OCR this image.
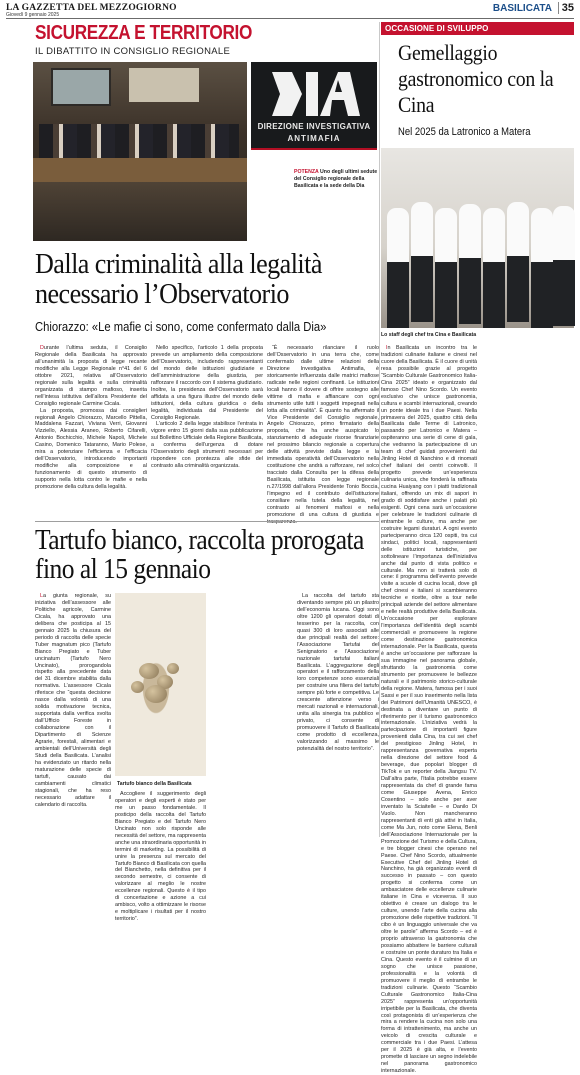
LA GAZZETTA DEL MEZZOGIORNO
Giovedì 9 gennaio 2025
BASILICATA 35
SICUREZZA E TERRITORIO
IL DIBATTITO IN CONSIGLIO REGIONALE
DIREZIONE INVESTIGATIVA
ANTIMAFIA
POTENZA Uno degli ultimi sedute del Consiglio regionale della Basilicata e la sede della Dia
Dalla criminalità alla legalità necessario l’Observatorio
Chiorazzo: «Le mafie ci sono, come confermato dalla Dia»

Durante l’ultima seduta, il Consiglio Regionale della Basilicata ha approvato all’unanimità la proposta di legge recante modifiche alla Legge Regionale n°41 del 6 ottobre 2021, relativa all’Osservatorio regionale sulla legalità e sulla criminalità organizzata di stampo mafioso, inserita nell’intesa istitutiva dell’allora Presidente del Consiglio regionale Carmine Cicala.

La proposta, promossa dai consiglieri regionali Angelo Chiorazzo, Marcello Pittella, Maddalena Fazzari, Viviana Verri, Giovanni Vizziello, Alessia Araneo, Roberto Cifarelli, Antonio Bochicchio, Michele Napoli, Michele Casino, Domenico Tataranno, Mario Polese, mira a potenziare l’efficienza e l’efficacia dell’Osservatorio, introducendo importanti modifiche alla composizione e al funzionamento di questo strumento di supporto nella lotta contro le mafie e nella promozione della cultura della legalità.

Nello specifico, l’articolo 1 della proposta prevede un ampliamento della composizione dell’Osservatorio, includendo rappresentanti del mondo delle istituzioni giudiziarie e dell’amministrazione della giustizia, per rafforzare il raccordo con il sistema giudiziario. Inoltre, la presidenza dell’Osservatorio sarà affidata a una figura illustre del mondo delle istituzioni, della cultura giuridica o della legalità, individuata dal Presidente del Consiglio Regionale.

L’articolo 2 della legge stabilisce l’entrata in vigore entro 15 giorni dalla sua pubblicazione sul Bollettino Ufficiale della Regione Basilicata, a conferma dell’urgenza di dotare l’Osservatorio degli strumenti necessari per rispondere con prontezza alle sfide del contrasto alla criminalità organizzata.

“È necessario rilanciare il ruolo dell’Osservatorio in una terra che, come confermato dalle ultime relazioni della Direzione Investigativa Antimafia, è storicamente influenzata dalle matrici mafiose radicate nelle regioni confinanti. Le istituzioni locali hanno il dovere di offrire sostegno alle vittime di mafia e affiancare con ogni strumento utile tutti i soggetti impegnati nella lotta alla criminalità”. È quanto ha affermato il Vice Presidente del Consiglio regionale, Angelo Chiorazzo, primo firmatario della proposta, che ha anche auspicato lo stanziamento di adeguate risorse finanziarie nel prossimo bilancio regionale a copertura delle attività previste dalla legge e la immediata operatività dell’Osservatorio nella costituzione che andrà a rafforzare, nel solco tracciato dalla Consulta per la difesa della Basilicata, istituita con legge regionale n.27/1998 dall’allora Presidente Tonio Boccia, l’impegno ed il contributo dell’istituzione consiliare nella tutela della legalità, nel contrasto ai fenomeni mafiosi e nella promozione di una cultura di giustizia e

OCCASIONE DI SVILUPPO
Gemellaggio gastronomico con la Cina
Nel 2025 da Latronico a Matera
Lo staff degli chef tra Cina e Basilicata

In Basilicata un incontro tra le tradizioni culinarie italiane e cinesi nel cuore della Basilicata. È il cuore di unità resa possibile grazie al progetto “Scambio Culturale Gastronomico Italia-Cina 2025” ideato e organizzato dal famoso Chef Nino Scordo. Un evento esclusivo che unisce gastronomia, cultura e scambi internazionali, creando un ponte ideale tra i due Paesi. Nella primavera del 2025, quattro città della Basilicata dalle Terme di Latronico, passando per Latronico e Matera – ospiteranno una serie di cene di gala, che vedranno la partecipazione di un team di chef guidati provenienti dal Jinling Hotel di Nanchino e di rinomati chef italiani dei centri coinvolti. Il progetto prevede un’esperienza culinaria unica, che fonderà la raffinata cucina Huaiyang con i piatti tradizionali italiani, offrendo un mix di sapori in grado di soddisfare anche i palati più esigenti. Ogni cena sarà un’occasione per celebrare le tradizioni culinarie di entrambe le culture, ma anche per costruire legami duraturi. A ogni evento parteciperanno circa 120 ospiti, tra cui sindaci, politici locali, rappresentanti delle istituzioni turistiche, per sottolineare l’importanza dell’iniziativa anche dal punto di vista politico e culturale. Ma non si tratterà solo di cene: il programma dell’evento prevede visite a scuole di cucina locali, dove gli chef cinesi e italiani si scambieranno tecniche e ricette, oltre a tour nelle principali aziende del settore alimentare e nelle realtà produttive della Basilicata. Un’occasione per esplorare l’importanza dell’identità degli scambi commerciali e promuovere la regione come destinazione gastronomica internazionale. Per la Basilicata, questa è anche un’occasione per rafforzare la sua immagine nel panorama globale, sfruttando la gastronomia come strumento per promuovere le bellezze naturali e il patrimonio storico-culturale della regione. Matera, famosa per i suoi Sassi e per il suo inserimento nella lista dei Patrimoni dell’Umanità UNESCO, è destinata a diventare un punto di riferimento per il turismo gastronomico internazionale. L’iniziativa vedrà la partecipazione di importanti figure provenienti dalla Cina, tra cui sei chef del prestigioso Jinling Hotel, in rappresentanza governativa esperta nella direzione del settore food & beverage, due popolari blogger di TikTok e un reporter della Jiangsu TV. Dall’altra parte, l’Italia potrebbe essere rappresentata da chef di grande fama come Giuseppe Avena, Enrico Cosentino – solo anche per aver inventato la Sciaitelle – e Danilo Di Vuolo. Non mancheranno rappresentanti di enti già attivi in Italia, come Ma Jun, noto come Elena, Benli dell’Associazione Internazionale per la Promozione del Turismo e della Cultura, e tre blogger cinesi che operano nel Paese. Chef Nino Scordo, attualmente Executive Chef del Jinling Hotel di Nanchino, ha già organizzato eventi di successo in passato – con questo progetto si conferma come un ambasciatore delle eccellenze culinarie italiane in Cina e viceversa. Il suo obiettivo è creare un dialogo tra le culture, unendo l’arte della cucina alla promozione delle rispettive tradizioni. “Il cibo è un linguaggio universale che va oltre le parole” afferma Scordo – ed è proprio attraverso la gastronomia che possiamo abbattere le barriere culturali e costruire un ponte duraturo tra Italia e Cina. Questo evento è il culmine di un sogno che unisce passione, professionalità e la volontà di promuovere il meglio di entrambe le tradizioni culinarie. Questo “Scambio Culturale Gastronomico Italia-Cina 2025” rappresenta un’opportunità irripetibile per la Basilicata, che diventa così protagonista di un’esperienza che mira a rendere la cucina non solo una forma di intrattenimento, ma anche un veicolo di crescita culturale e commerciale tra i due Paesi. L’attesa per il 2025 è già alta, e l’evento promette di lasciare un segno indelebile nel panorama gastronomico internazionale.

Tartufo bianco, raccolta prorogata fino al 15 gennaio

La giunta regionale, su iniziativa dell’assessore alle Politiche agricole, Carmine Cicala, ha approvato una delibera che posticipa al 15 gennaio 2025 la chiusura del periodo di raccolta delle specie Tuber magnatum pico (Tartufo Bianco Pregiato e Tuber uncinatum (Tartufo Nero Uncinato), prorogandola rispetto alla precedente data del 31 dicembre stabilita dalla normativa. L’assessore Cicala riferisce che “questa decisione nasce dalla volontà di una solida motivazione tecnica, supportata dalla verifica svolta dall’Ufficio Foreste in collaborazione con il Dipartimento di Scienze Agrarie, forestali, alimentari e ambientali dell’Università degli Studi della Basilicata. L’analisi ha evidenziato un ritardo nella maturazione delle specie di tartufi, causato dai cambiamenti climatici stagionali, che ha reso necessario adattare il calendario di raccolta.

Tartufo bianco della Basilicata

Accogliere il suggerimento degli operatori e degli esperti è stato per me un passo fondamentale. Il posticipo della raccolta del Tartufo Bianco Pregiato e del Tartufo Nero Uncinato non solo risponde alle necessità del settore, ma rappresenta anche una straordinaria opportunità in termini di marketing. La possibilità di unire la presenza sul mercato del Tartufo Bianco di Basilicata con quella del Bianchetto, nella definitiva per il secondo semestre, ci consente di valorizzare al meglio le nostre eccellenze regionali. Questo è il tipo di concertazione e azione a cui ambisco, volto a ottimizzare le risorse e moltiplicare i risultati per il nostro territorio”.

La raccolta del tartufo sta diventando sempre più un pilastro dell’economia lucana. Oggi sono oltre 1200 gli operatori dotati di tesserino per la raccolta, con quasi 300 di loro associati alle due principali realtà del settore: l’Associazione Tartufai del Senignatorio e l’Associazione nazionale tartufai italiani Basilicata. L’aggregazione degli operatori e il rafforzamento della loro competenze sono essenziali per costruire una filiera del tartufo sempre più forte e competitiva. Le crescente attenzione verso i mercati nazionali e internazionali, unita alla sinergia tra pubblico e privato, ci consente di promuovere il Tartufo di Basilicata come prodotto di eccellenza, valorizzando al massimo le potenzialità del nostro territorio”.
